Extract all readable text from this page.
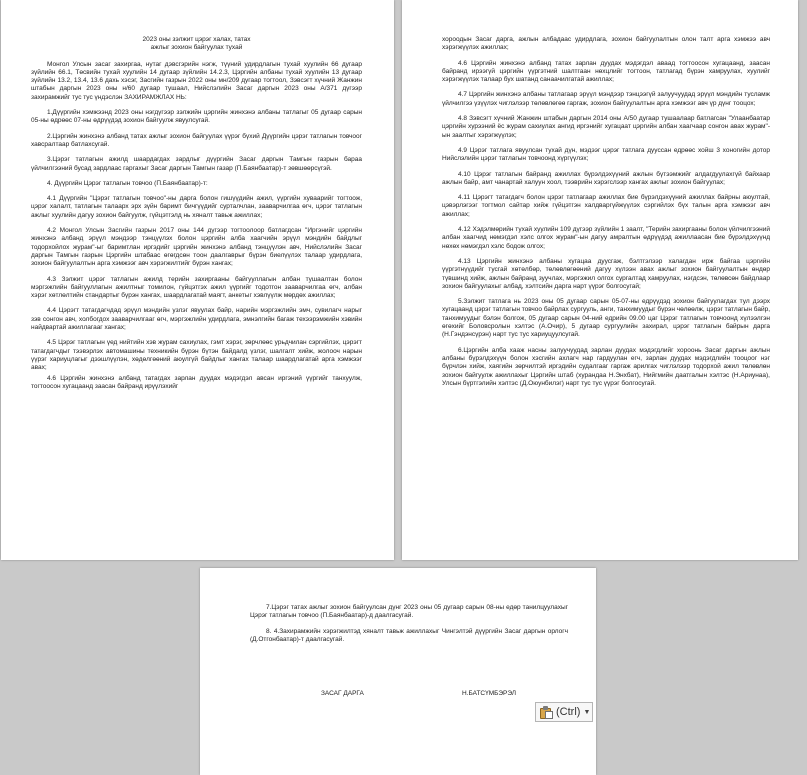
2023 оны зэлжит цэрэг халах, татах
ажлыг зохион байгуулах тухай

Монгол Улсын засаг захиргаа, нутаг дэвсгэрийн нэгж, түүний удирдлагын тухай хуулийн 66 дугаар зүйлийн 66.1, Төсвийн тухай хуулийн 14 дугаар зүйлийн 14.2.3, Цэргийн албаны тухай хуулийн 13 дугаар зүйлийн 13.2, 13.4, 13.6 дахь хэсэг, Засгийн газрын 2022 оны мн/209 дугаар тогтоол, Зэвсэгт хүчний Жанжин штабын даргын 2023 оны н/60 дугаар тушаал, Нийслэлийн Засаг даргын 2023 оны А/371 дүгээр захирамжийг тус тус үндэслэн ЗАХИРАМЖЛАХ НЬ:

1.Дүүргийн хэмжээнд 2023 оны нэгдүгээр зэлжийн цэргийн жинхэнэ албаны татлагыг 05 дугаар сарын 05-ны өдрөөс 07-ны өдрүүдэд зохион байгуулж явуулсугай.

2.Цэргийн жинхэнэ албанд татах ажлыг зохион байгуулах үүрэг бүхий Дүүргийн цэрэг татлагын товчоог хавсралтаар батлахсугай.

3.Цэрэг татлагын ажилд шаардагдах зардлыг дүүргийн Засаг даргын Тамгын газрын бараа үйлчилгээний бусад зардлаас гаргахыг Засаг даргын Тамгын газар (П.Баянбаатар)-т зөвшөөрсүгэй.

4. Дүүргийн Цэрэг татлагын товчоо (П.Баянбаатар)-т:

4.1 Дүүргийн "Цэрэг татлагын товчоо"-ны дарга болон гишүүдийн ажил, үүргийн хуваарийг тогтоож, цэрэг халалт, татлагын талаарх эрх зүйн баримт бичгүүдийг сурталчлан, зааварчилгаа өгч, цэрэг татлагын ажлыг хуулийн дагуу зохион байгуулж, гүйцэтгэлд нь хяналт тавьж ажиллах;

4.2 Монгол Улсын Засгийн газрын 2017 оны 144 дүгээр тогтоолоор батлагдсан "Иргэнийг цэргийн жинхэнэ албанд эрүүл мэндээр тэнцүүлэх болон цэргийн алба хаагчийн эрүүл мэндийн байдлыг тодорхойлох журам"-ыг баримтлан иргэдийг цэргийн жинхэнэ албанд тэнцүүлэн авч, Нийслэлийн Засаг даргын Тамгын газрын Цэргийн штабаас өгөгдсөн тоон даалгаврыг бүрэн биелүүлэх талаар удирдлага, зохион байгуулалтын арга хэмжээг авч хэрэгжилтийг бүрэн хангах;

4.3 Зэлжит цэрэг татлагын ажилд терийн захиргааны байгууллагын албан тушаалтан болон мэргэжлийн байгууллагын ажилтныг томилон, гүйцэтгэх ажил үүргийг тодотгон зааварчилгаа өгч, албан хэрэг хөтлөлтийн стандартыг бүрэн хангах, шаардлагатай маягт, анкетыг хэвлүүлж мөрдөх ажиллах;

4.4 Цэрэгт татагдагчдад эрүүл мэндийн узлэг явуулах байр, нарийн мэргэжлийн эмч, сувилагч нарыг зэв сонгон авч, холбогдох зааварчилгааг өгч, мэргэжлийн удирдлага, эмнэлгийн багаж техээрэмжийн хэвийн найдвартай ажиллагааг хангах;

4.5 Цэрэг татлагын үед нийтийн хэв журам сахиулах, гэмт хэрэг, зөрчлөөс урьдчилан сэргийлэх, цэрэгт татагдагчдыг тээвэрлэх автомашины техникийн бүрэн бүтэн байдалд үзлэг, шалгалт хийж, жолооч нарын үүрэг хариуцлагыг дээшлүүлэн, хөдөлгөөний аюулгүй байдлыг хангах талаар шаардлагатай арга хэмжээг авах;

4.6 Цэргийн жинхэнэ албанд татагдах зарлан дуудах мэдэгдэл авсан иргэний үүргийг танхуулж, тогтоосон хугацаанд заасан байранд ирүүлэхийг

хороодын Засаг дарга, ажлын албадаас удирдлага, зохион байгуулалтын олон талт арга хэмжээ авч хэрэгжүүлэх ажиллах;

4.6 Цэргийн жинхэнэ албанд татах зарлан дуудах мэдэгдэл аваад тогтоосон хугацаанд, заасан байранд ирээгүй цэргийн үүргэтний шалтгаан нөхцлийг тогтоон, татлагад бүрэн хамруулах, хуулийг хэрэгжүүлэх талаар бух шатанд санаачилгатай ажиллах;

4.7 Цэргийн жинхэнэ албаны татлагаар эрүүл мэндээр тэнцээгүй залуучуудад эрүүл мэндийн тусламж үйлчилгээ үзүүлэх чиглэлээр төлөвлөгөө гаргаж, зохион байгуулалтын арга хэмжээг авч үр дүнг тооцох;

4.8 Зэвсэгт хүчний Жанжин штабын даргын 2014 оны А/50 дугаар тушаалаар батлагсан "Улаанбаатар цэргийн хурээний ёс журам сахиулах ангид иргэнийг хугацаат цэргийн албан хаагчаар сонгон авах журам"-ын заалтыг хэрэгжүүлэх;

4.9 Цэрэг татлага явуулсан тухай дүн, мэдээг цэрэг татлага дууссан едрөөс хойш 3 хоногийн дотор Нийслэлийн цэрэг татлагын товчоонд хүргүүлэх;

4.10 Цэрэг татлагын байранд ажиллах бүрэлдэхүүний ажлын бүтээмжийг алдагдуулахгүй байхаар ажлын байр, амт чанартай халуун хоол, тээврийн хэрэгслээр хангах ажлыг зохион байгуулах;

4.11 Цэрэгт татагдагч болон цэрэг татлагаар ажиллах бие бүрэлдэхүүний ажиллах байрны аюултай, цэвэрлэгээг тогтмол сайтар хийж гүйцэтгэн халдваргүйжүүлэх сэргийлэх бүх талын арга хэмжээг авч ажиллах;

4.12 Хэдэлмөрийн тухай хуулийн 109 дүгээр зүйлийн 1 заалт, "Терийн захиргааны болон үйлчилгээний албан хаагчид нөмэгдэл хэлс олгох журам"-ын дагуу амралтын өдрүүдэд ажиллаасан бие бүрэлдэхүүнд нөхөх нөмэгдэл хэлс бодож олгох;

4.13 Цэргийн жинхэнэ албаны хугацаа дуусгаж, бэлтгэлээр халагдан ирж байгаа цэргийн үүргэтнүүдийг тусгай хөтөлбөр, төлөвлөгөөний дагуу хүлээн авах ажлыг зохион байгуулалтын өндөр түвшинд хийж, ажлын байранд зуучлах, мэргэжил олгох сургалтад хамруулах, нэгдсэн, төлөвсөн байдлаар зохион байгуулахыг албад, хэлтсийн дарга нарт үүрэг болгосугай;

5.Зэлжит татлага нь 2023 оны 05 дугаар сарын 05-07-ны едрүүдэд зохион байгуулагдах тул дээрх хугацаанд цэрэг татлагын товчоо байрлах сургууль, анги, танхимуудыг бүрэн чөлөөлж, цэрэг татлагын байр, танхимуудыг бэлэн болгож, 05 дугаар сарын 04-ний едрийн 09.00 цаг Цэрэг татлагын товчоонд хүлээлгэн өгөхийг Боловсролын хэлтэс (А.Очир), 5 дугаар сургуулийн захирал, цэрэг татлагын байрын дарга (Н.Гэндэнсүрэн) нарт тус тус хариуцуулсугай.

6.Цэргийн алба хааж насны залуучуудад зарлан дуудах мэдэгдлийг хороонь Засаг даргын ажлын албаны бүрэлдэхүүн болон хэсгийн ахлагч нар гардуулан егч, зарлан дуудах мэдэгдлийн тооцоог нэг бүрчлэн хийж, хаягийн зөрчилтэй иргэдийн судалгааг гаргаж арилгах чиглэлээр тодорхой ажил төлөвлөн зохион байгуулж ажиллахыг Цэргийн штаб (хурандаа Н.Энхбат), Нийгмийн даатгалын хэлтэс (Н.Ариунаа), Улсын бүртгэлийн хэлтэс (Д.Оюунбилэг) нарт тус тус үүрэг болгосугай.

7.Цэрэг татах ажлыг зохион байгуулсан дүнг 2023 оны 05 дугаар сарын 08-ны едөр танилцуулахыг Цэрэг татлагын товчоо (П.Баянбаатар)-д даалгасугай.

8. 4.Захирамжийн хэрэгжилтэд хяналт тавьж ажиллахыг Чингэлтэй дүүргийн Засаг даргын орлогч (Д.Отгонбаатар)-т даалгасугай.

ЗАСАГ ДАРГА	Н.БАТСҮМБЭРЭЛ
(Ctrl) ▼
